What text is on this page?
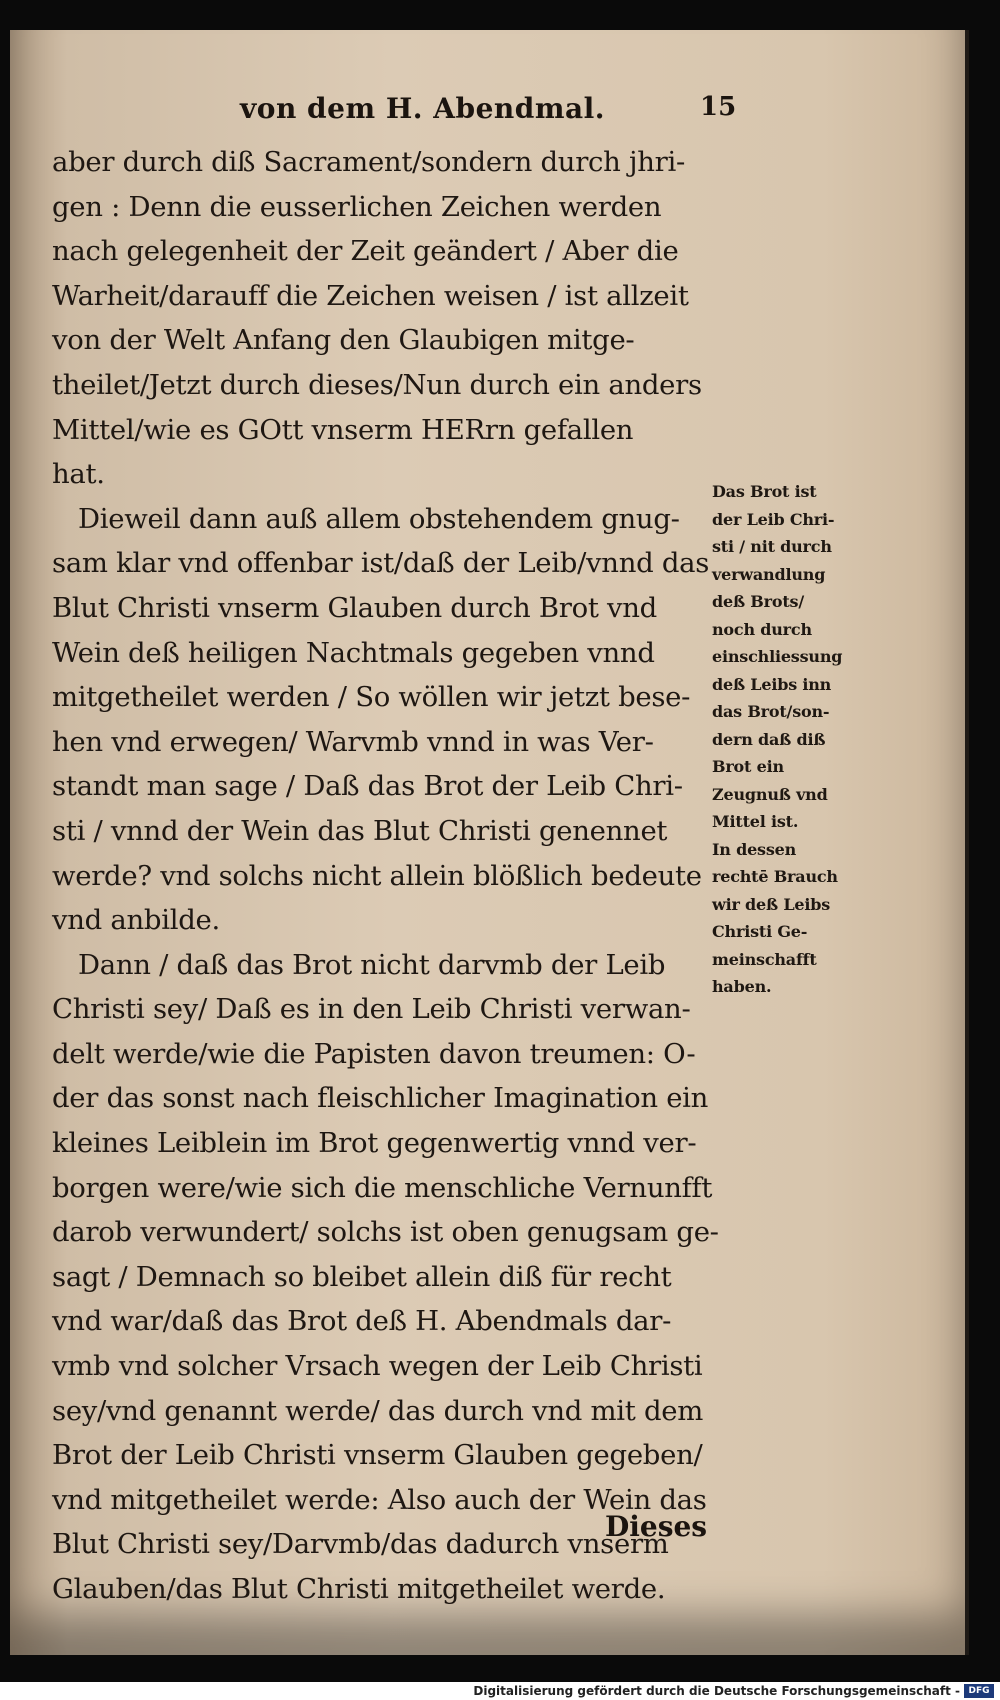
von dem H. Abendmal.	15
aber durch diß Sacrament/sondern durch jhri-
gen : Denn die eusserlichen Zeichen werden
nach gelegenheit der Zeit geändert / Aber die
Warheit/darauff die Zeichen weisen / ist allzeit
von der Welt Anfang den Glaubigen mitge-
theilet/Jetzt durch dieses/Nun durch ein anders
Mittel/wie es GOtt vnserm HERrn gefallen
hat.
Dieweil dann auß allem obstehendem gnug-
sam klar vnd offenbar ist/daß der Leib/vnnd das
Blut Christi vnserm Glauben durch Brot vnd
Wein deß heiligen Nachtmals gegeben vnnd
mitgetheilet werden / So wöllen wir jetzt bese-
hen vnd erwegen/ Warvmb vnnd in was Ver-
standt man sage / Daß das Brot der Leib Chri-
sti / vnnd der Wein das Blut Christi genennet
werde? vnd solchs nicht allein blößlich bedeute
vnd anbilde.
Dann / daß das Brot nicht darvmb der Leib
Christi sey/ Daß es in den Leib Christi verwan-
delt werde/wie die Papisten davon treumen: O-
der das sonst nach fleischlicher Imagination ein
kleines Leiblein im Brot gegenwertig vnnd ver-
borgen were/wie sich die menschliche Vernunfft
darob verwundert/ solchs ist oben genugsam ge-
sagt / Demnach so bleibet allein diß für recht
vnd war/daß das Brot deß H. Abendmals dar-
vmb vnd solcher Vrsach wegen der Leib Christi
sey/vnd genannt werde/ das durch vnd mit dem
Brot der Leib Christi vnserm Glauben gegeben/
vnd mitgetheilet werde: Also auch der Wein das
Blut Christi sey/Darvmb/das dadurch vnserm
Glauben/das Blut Christi mitgetheilet werde.
Das Brot ist
der Leib Chri-
sti / nit durch
verwandlung
deß Brots/
noch durch
einschliessung
deß Leibs inn
das Brot/son-
dern daß diß
Brot ein
Zeugnuß vnd
Mittel ist.
In dessen
rechtē Brauch
wir deß Leibs
Christi Ge-
meinschafft
haben.
Dieses
Digitalisierung gefördert durch die Deutsche Forschungsgemeinschaft - DFG
